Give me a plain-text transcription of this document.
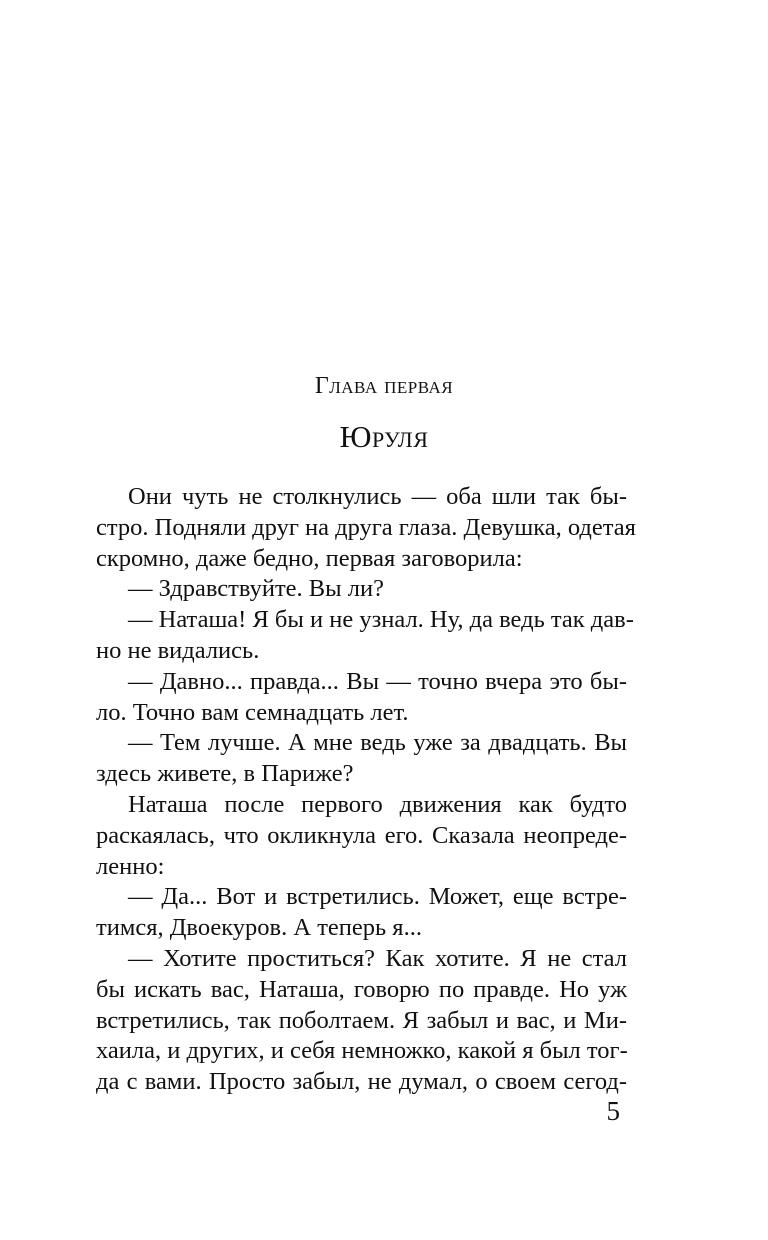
Глава первая
Юруля
Они чуть не столкнулись — оба шли так бы-
стро. Подняли друг на друга глаза. Девушка, одетая
скромно, даже бедно, первая заговорила:
— Здравствуйте. Вы ли?
— Наташа! Я бы и не узнал. Ну, да ведь так дав-
но не видались.
— Давно... правда... Вы — точно вчера это бы-
ло. Точно вам семнадцать лет.
— Тем лучше. А мне ведь уже за двадцать. Вы
здесь живете, в Париже?
Наташа после первого движения как будто
раскаялась, что окликнула его. Сказала неопреде-
ленно:
— Да... Вот и встретились. Может, еще встре-
тимся, Двоекуров. А теперь я...
— Хотите проститься? Как хотите. Я не стал
бы искать вас, Наташа, говорю по правде. Но уж
встретились, так поболтаем. Я забыл и вас, и Ми-
хаила, и других, и себя немножко, какой я был тог-
да с вами. Просто забыл, не думал, о своем сегод-
5
